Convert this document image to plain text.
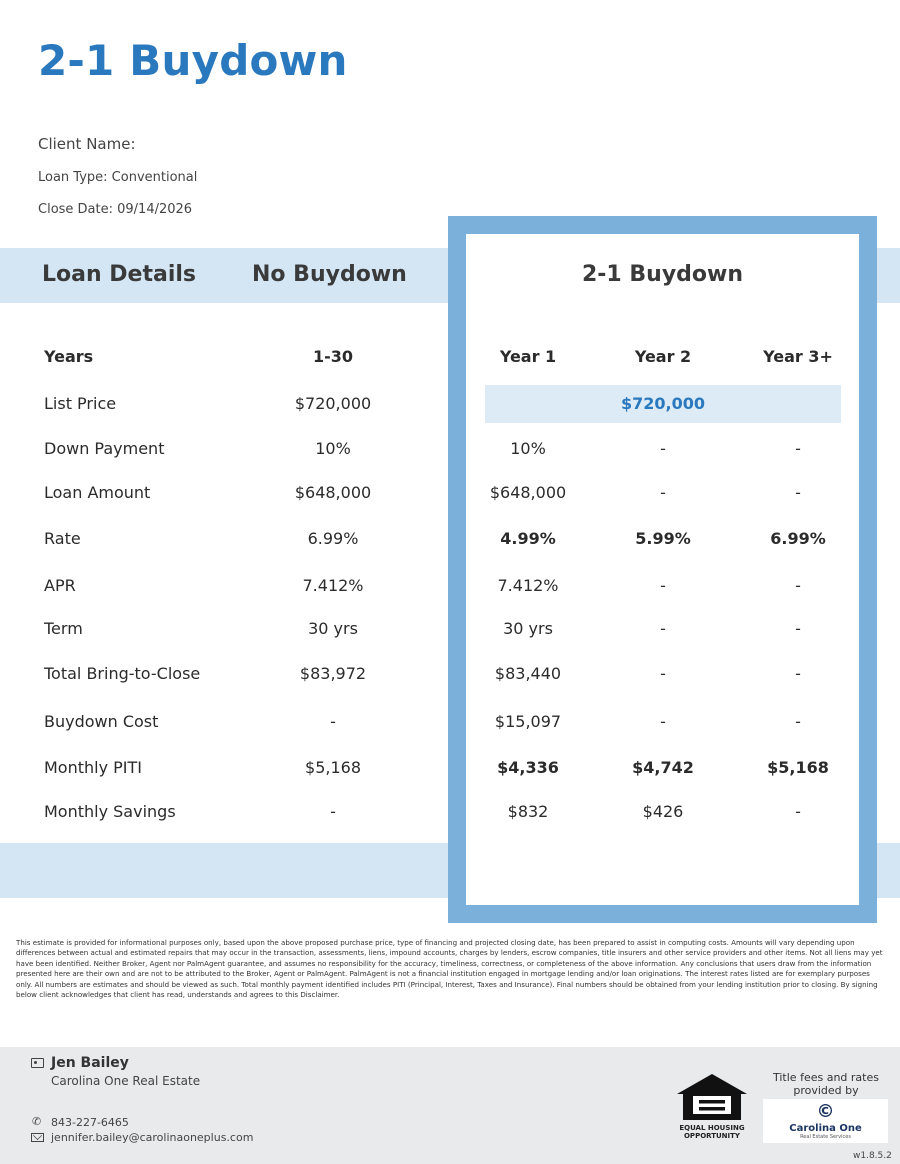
2-1 Buydown
Client Name:
Loan Type: Conventional
Close Date: 09/14/2026
Loan Details	No Buydown	2-1 Buydown
Years	1-30	Year 1	Year 2	Year 3+
List Price	$720,000	$720,000
Down Payment	10%	10%	-	-
Loan Amount	$648,000	$648,000	-	-
Rate	6.99%	4.99%	5.99%	6.99%
APR	7.412%	7.412%	-	-
Term	30 yrs	30 yrs	-	-
Total Bring-to-Close	$83,972	$83,440	-	-
Buydown Cost	-	$15,097	-	-
Monthly PITI	$5,168	$4,336	$4,742	$5,168
Monthly Savings	-	$832	$426	-
This estimate is provided for informational purposes only, based upon the above proposed purchase price, type of financing and projected closing date, has been prepared to assist in computing costs. Amounts will vary depending upon differences between actual and estimated repairs that may occur in the transaction, assessments, liens, impound accounts, charges by lenders, escrow companies, title insurers and other service providers and other items. Not all liens may yet have been identified. Neither Broker, Agent nor PalmAgent guarantee, and assumes no responsibility for the accuracy, timeliness, correctness, or completeness of the above information. Any conclusions that users draw from the information presented here are their own and are not to be attributed to the Broker, Agent or PalmAgent. PalmAgent is not a financial institution engaged in mortgage lending and/or loan originations. The interest rates listed are for exemplary purposes only. All numbers are estimates and should be viewed as such. Total monthly payment identified includes PITI (Principal, Interest, Taxes and Insurance). Final numbers should be obtained from your lending institution prior to closing. By signing below client acknowledges that client has read, understands and agrees to this Disclaimer.
Jen Bailey
Carolina One Real Estate
✆ 843-227-6465
jennifer.bailey@carolinaoneplus.com
EQUAL HOUSING OPPORTUNITY
Title fees and rates provided by
©
Carolina One
Real Estate Services
w1.8.5.2
